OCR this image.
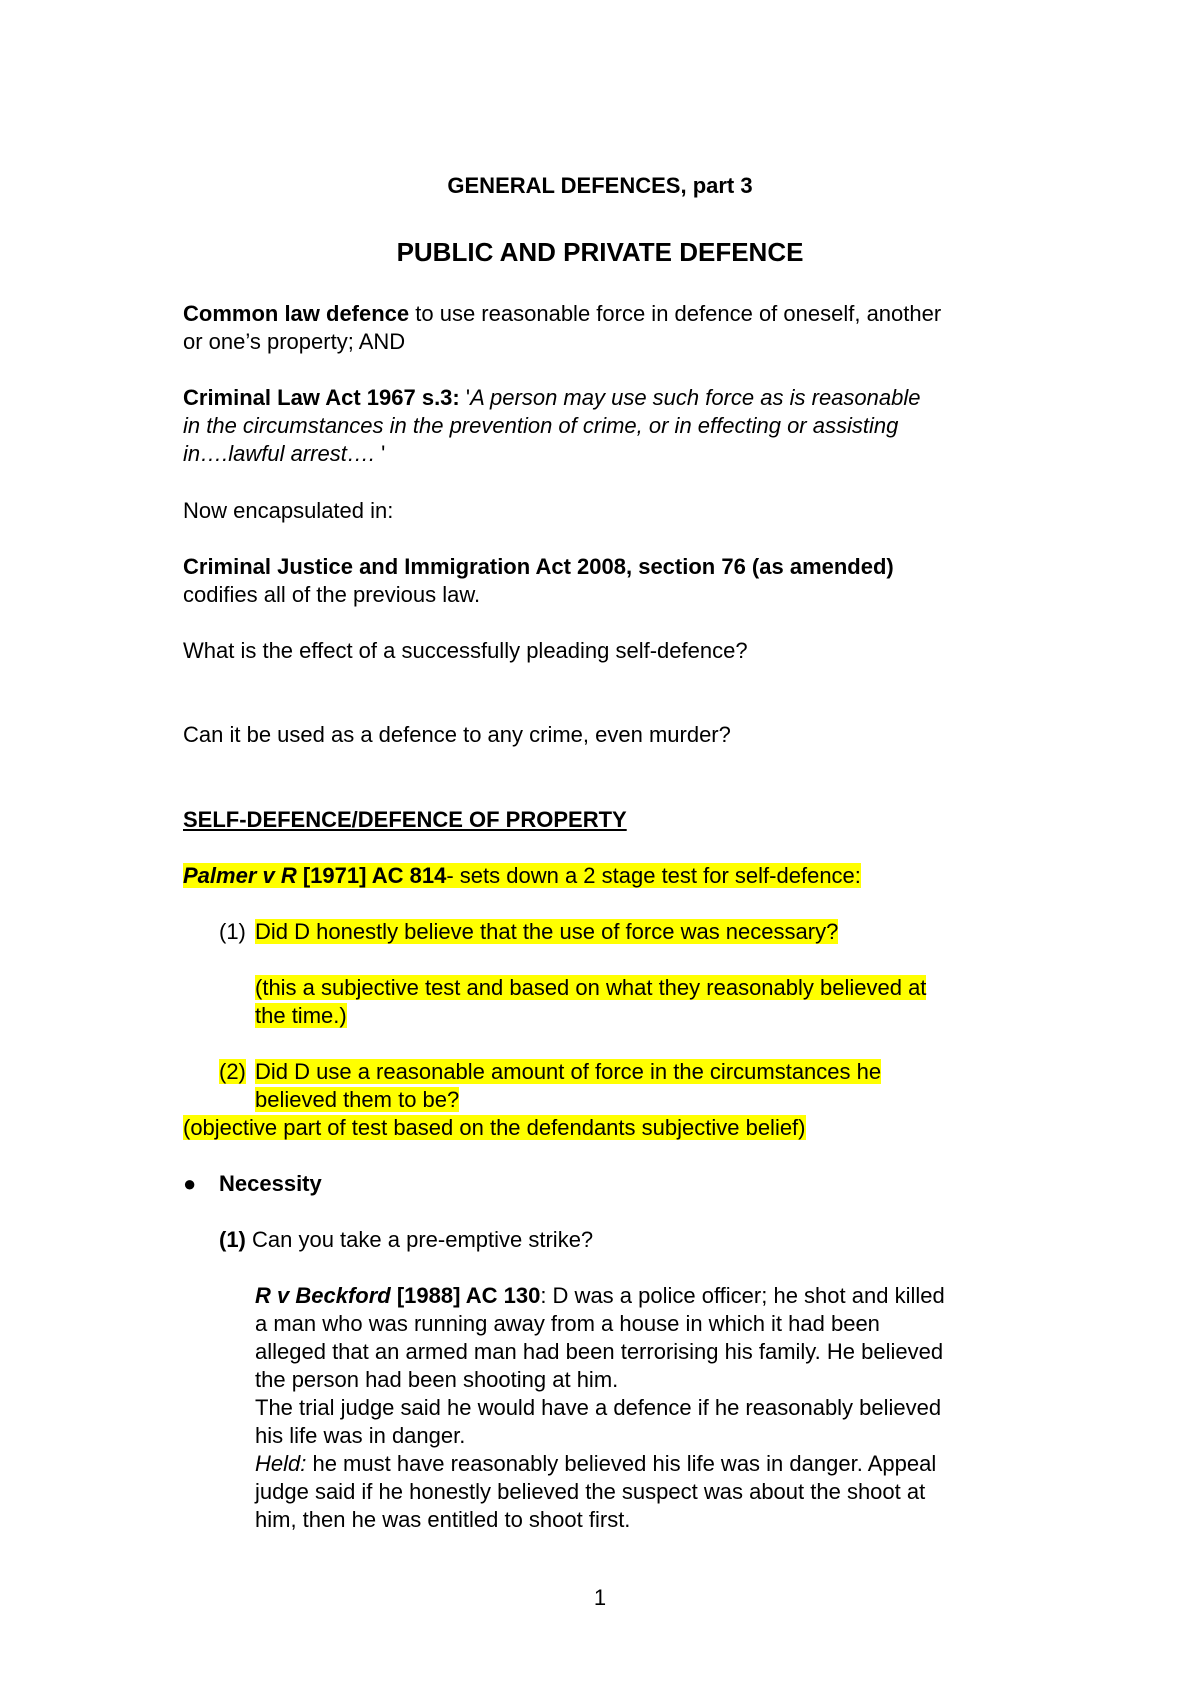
GENERAL DEFENCES, part 3
PUBLIC AND PRIVATE DEFENCE
Common law defence to use reasonable force in defence of oneself, another
or one’s property; AND
Criminal Law Act 1967 s.3: 'A person may use such force as is reasonable
in the circumstances in the prevention of crime, or in effecting or assisting
in….lawful arrest…. '
Now encapsulated in:
Criminal Justice and Immigration Act 2008, section 76 (as amended)
codifies all of the previous law.
What is the effect of a successfully pleading self-defence?
Can it be used as a defence to any crime, even murder?
SELF-DEFENCE/DEFENCE OF PROPERTY
Palmer v R [1971] AC 814- sets down a 2 stage test for self-defence:
(1) Did D honestly believe that the use of force was necessary?
(this a subjective test and based on what they reasonably believed at
the time.)
(2) Did D use a reasonable amount of force in the circumstances he
believed them to be?
(objective part of test based on the defendants subjective belief)
● Necessity
(1) Can you take a pre-emptive strike?
R v Beckford [1988] AC 130: D was a police officer; he shot and killed
a man who was running away from a house in which it had been
alleged that an armed man had been terrorising his family. He believed
the person had been shooting at him.
The trial judge said he would have a defence if he reasonably believed
his life was in danger.
Held: he must have reasonably believed his life was in danger. Appeal
judge said if he honestly believed the suspect was about the shoot at
him, then he was entitled to shoot first.
1
